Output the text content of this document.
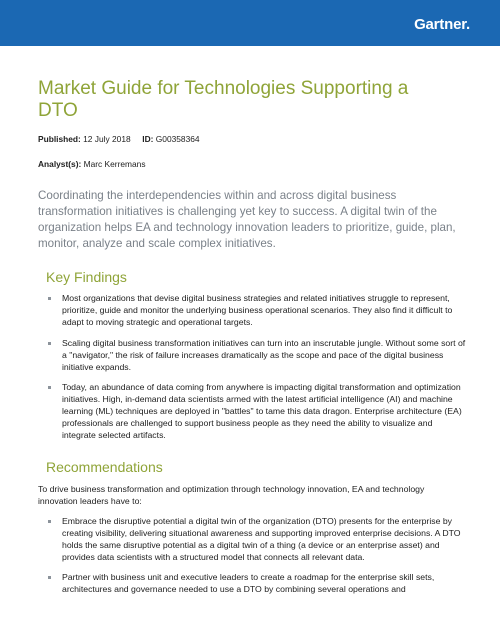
Gartner.
Market Guide for Technologies Supporting a DTO
Published: 12 July 2018 ID: G00358364
Analyst(s): Marc Kerremans

Coordinating the interdependencies within and across digital business transformation initiatives is challenging yet key to success. A digital twin of the organization helps EA and technology innovation leaders to prioritize, guide, plan, monitor, analyze and scale complex initiatives.

Key Findings
Most organizations that devise digital business strategies and related initiatives struggle to represent, prioritize, guide and monitor the underlying business operational scenarios. They also find it difficult to adapt to moving strategic and operational targets.
Scaling digital business transformation initiatives can turn into an inscrutable jungle. Without some sort of a "navigator," the risk of failure increases dramatically as the scope and pace of the digital business initiative expands.
Today, an abundance of data coming from anywhere is impacting digital transformation and optimization initiatives. High, in-demand data scientists armed with the latest artificial intelligence (AI) and machine learning (ML) techniques are deployed in "battles" to tame this data dragon. Enterprise architecture (EA) professionals are challenged to support business people as they need the ability to visualize and integrate selected artifacts.
Recommendations

To drive business transformation and optimization through technology innovation, EA and technology innovation leaders have to:

Embrace the disruptive potential a digital twin of the organization (DTO) presents for the enterprise by creating visibility, delivering situational awareness and supporting improved enterprise decisions. A DTO holds the same disruptive potential as a digital twin of a thing (a device or an enterprise asset) and provides data scientists with a structured model that connects all relevant data.
Partner with business unit and executive leaders to create a roadmap for the enterprise skill sets, architectures and governance needed to use a DTO by combining several operations and
